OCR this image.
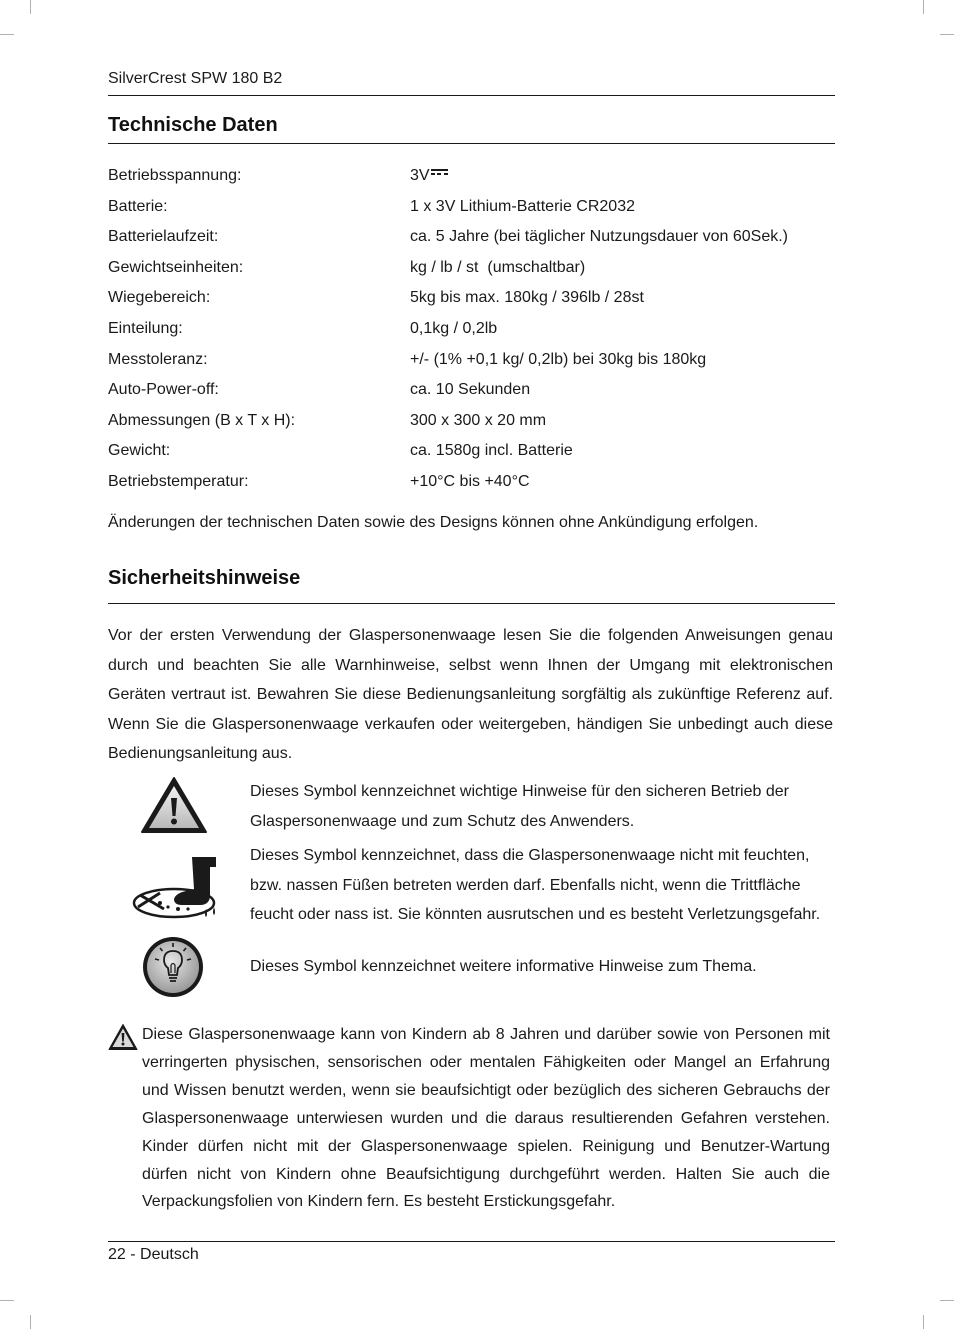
SilverCrest SPW 180 B2
Technische Daten
Betriebsspannung:	3V
Batterie:	1 x 3V Lithium-Batterie CR2032
Batterielaufzeit:	ca. 5 Jahre (bei täglicher Nutzungsdauer von 60Sek.)
Gewichtseinheiten:	kg / lb / st  (umschaltbar)
Wiegebereich:	5kg bis max. 180kg / 396lb / 28st
Einteilung:	0,1kg / 0,2lb
Messtoleranz:	+/- (1% +0,1 kg/ 0,2lb) bei 30kg bis 180kg
Auto-Power-off:	ca. 10 Sekunden
Abmessungen (B x T x H):	300 x 300 x 20 mm
Gewicht:	ca. 1580g incl. Batterie
Betriebstemperatur:	+10°C bis +40°C
Änderungen der technischen Daten sowie des Designs können ohne Ankündigung erfolgen.
Sicherheitshinweise
Vor der ersten Verwendung der Glaspersonenwaage lesen Sie die folgenden Anweisungen genau durch und beachten Sie alle Warnhinweise, selbst wenn Ihnen der Umgang mit elektronischen Geräten vertraut ist. Bewahren Sie diese Bedienungsanleitung sorgfältig als zukünftige Referenz auf. Wenn Sie die Glaspersonenwaage verkaufen oder weitergeben, händigen Sie unbedingt auch diese Bedienungsanleitung aus.
Dieses Symbol kennzeichnet wichtige Hinweise für den sicheren Betrieb der Glaspersonenwaage und zum Schutz des Anwenders.
Dieses Symbol kennzeichnet, dass die Glaspersonenwaage nicht mit feuchten, bzw. nassen Füßen betreten werden darf. Ebenfalls nicht, wenn die Trittfläche feucht oder nass ist. Sie könnten ausrutschen und es besteht Verletzungsgefahr.
Dieses Symbol kennzeichnet weitere informative Hinweise zum Thema.
Diese Glaspersonenwaage kann von Kindern ab 8 Jahren und darüber sowie von Personen mit verringerten physischen, sensorischen oder mentalen Fähigkeiten oder Mangel an Erfahrung und Wissen benutzt werden, wenn sie beaufsichtigt oder bezüglich des sicheren Gebrauchs der Glaspersonenwaage unterwiesen wurden und die daraus resultierenden Gefahren verstehen. Kinder dürfen nicht mit der Glaspersonenwaage spielen. Reinigung und Benutzer-Wartung dürfen nicht von Kindern ohne Beaufsichtigung durchgeführt werden. Halten Sie auch die Verpackungsfolien von Kindern fern. Es besteht Erstickungsgefahr.
22 - Deutsch
